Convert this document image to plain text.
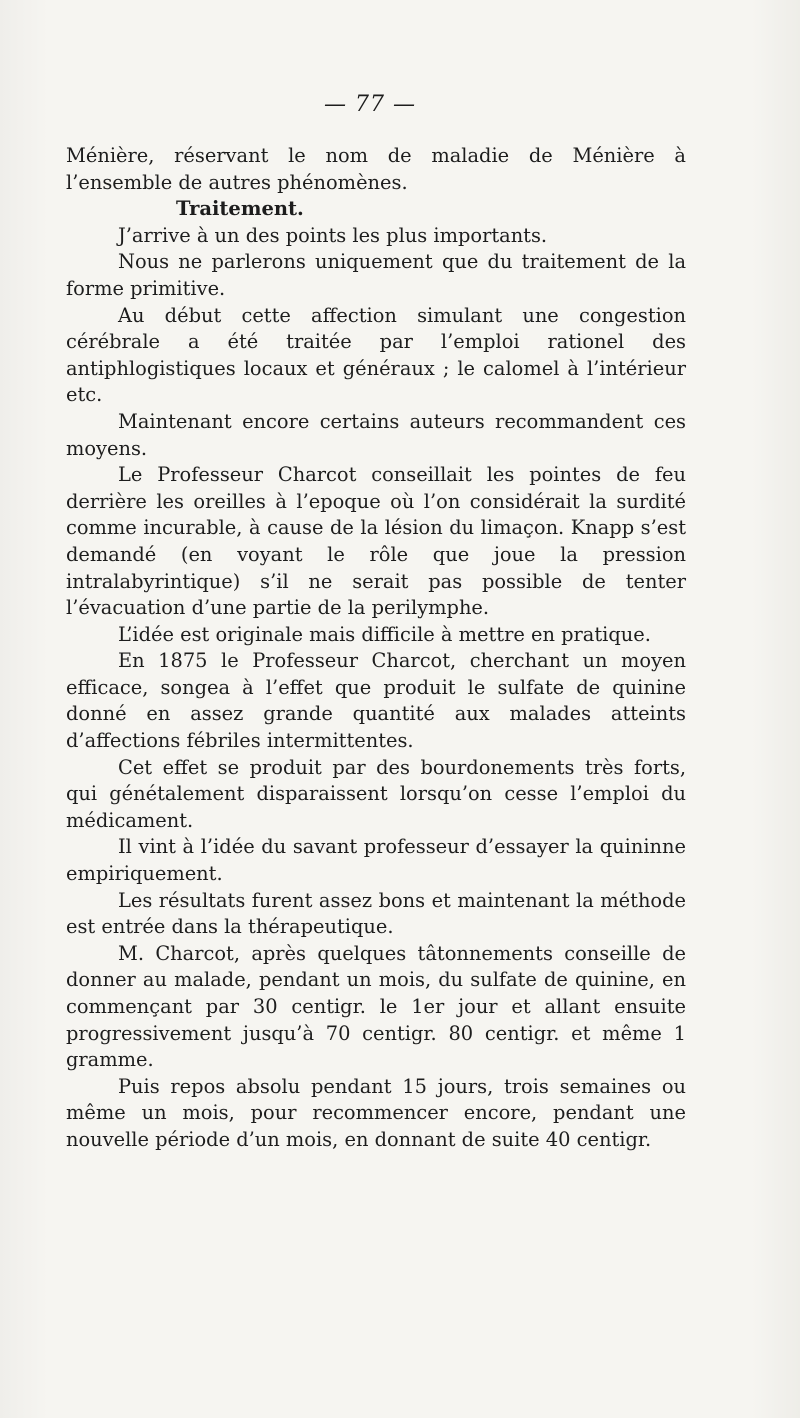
— 77 —

Ménière, réservant le nom de maladie de Ménière à l’ensemble de autres phénomènes.

Traitement.

J’arrive à un des points les plus importants.

Nous ne parlerons uniquement que du traitement de la forme primitive.

Au début cette affection simulant une congestion cérébrale a été traitée par l’emploi rationel des antiphlogistiques locaux et généraux ; le calomel à l’intérieur etc.

Maintenant encore certains auteurs recommandent ces moyens.

Le Professeur Charcot conseillait les pointes de feu derrière les oreilles à l’epoque où l’on considérait la surdité comme incurable, à cause de la lésion du limaçon. Knapp s’est demandé (en voyant le rôle que joue la pression intralabyrintique) s’il ne serait pas possible de tenter l’évacuation d’une partie de la perilymphe.

L’idée est originale mais difficile à mettre en pratique.

En 1875 le Professeur Charcot, cherchant un moyen efficace, songea à l’effet que produit le sulfate de quinine donné en assez grande quantité aux malades atteints d’affections fébriles intermittentes.

Cet effet se produit par des bourdonements très forts, qui génétalement disparaissent lorsqu’on cesse l’emploi du médicament.

Il vint à l’idée du savant professeur d’essayer la quininne empiriquement.

Les résultats furent assez bons et maintenant la méthode est entrée dans la thérapeutique.

M. Charcot, après quelques tâtonnements conseille de donner au malade, pendant un mois, du sulfate de quinine, en commençant par 30 centigr. le 1er jour et allant ensuite progressivement jusqu’à 70 centigr. 80 centigr. et même 1 gramme.

Puis repos absolu pendant 15 jours, trois semaines ou même un mois, pour recommencer encore, pendant une nouvelle période d’un mois, en donnant de suite 40 centigr.
